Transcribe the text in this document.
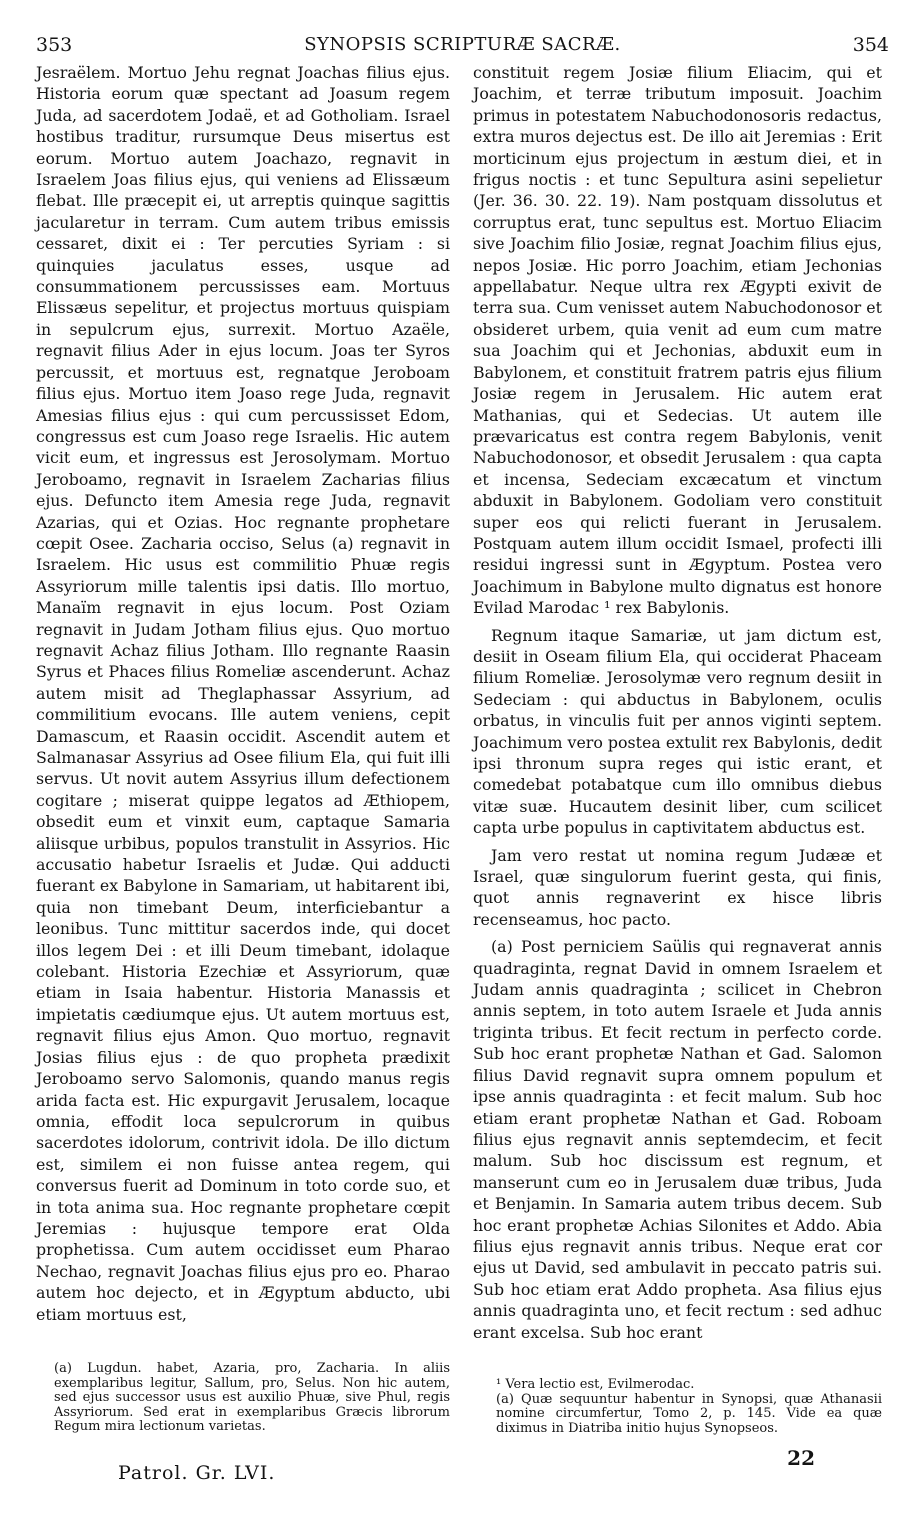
353	SYNOPSIS SCRIPTURÆ SACRÆ.	354

Jesraëlem. Mortuo Jehu regnat Joachas filius ejus. Historia eorum quæ spectant ad Joasum regem Juda, ad sacerdotem Jodaë, et ad Gotholiam. Israel hostibus traditur, rursumque Deus misertus est eorum. Mortuo autem Joachazo, regnavit in Israelem Joas filius ejus, qui veniens ad Elissæum flebat. Ille præcepit ei, ut arreptis quinque sagittis jacularetur in terram. Cum autem tribus emissis cessaret, dixit ei : Ter percuties Syriam : si quinquies jaculatus esses, usque ad consummationem percussisses eam. Mortuus Elissæus sepelitur, et projectus mortuus quispiam in sepulcrum ejus, surrexit. Mortuo Azaële, regnavit filius Ader in ejus locum. Joas ter Syros percussit, et mortuus est, regnatque Jeroboam filius ejus. Mortuo item Joaso rege Juda, regnavit Amesias filius ejus : qui cum percussisset Edom, congressus est cum Joaso rege Israelis. Hic autem vicit eum, et ingressus est Jerosolymam. Mortuo Jeroboamo, regnavit in Israelem Zacharias filius ejus. Defuncto item Amesia rege Juda, regnavit Azarias, qui et Ozias. Hoc regnante prophetare cœpit Osee. Zacharia occiso, Selus (a) regnavit in Israelem. Hic usus est commilitio Phuæ regis Assyriorum mille talentis ipsi datis. Illo mortuo, Manaïm regnavit in ejus locum. Post Oziam regnavit in Judam Jotham filius ejus. Quo mortuo regnavit Achaz filius Jotham. Illo regnante Raasin Syrus et Phaces filius Romeliæ ascenderunt. Achaz autem misit ad Theglaphassar Assyrium, ad commilitium evocans. Ille autem veniens, cepit Damascum, et Raasin occidit. Ascendit autem et Salmanasar Assyrius ad Osee filium Ela, qui fuit illi servus. Ut novit autem Assyrius illum defectionem cogitare ; miserat quippe legatos ad Æthiopem, obsedit eum et vinxit eum, captaque Samaria aliisque urbibus, populos transtulit in Assyrios. Hic accusatio habetur Israelis et Judæ. Qui adducti fuerant ex Babylone in Samariam, ut habitarent ibi, quia non timebant Deum, interficiebantur a leonibus. Tunc mittitur sacerdos inde, qui docet illos legem Dei : et illi Deum timebant, idolaque colebant. Historia Ezechiæ et Assyriorum, quæ etiam in Isaia habentur. Historia Manassis et impietatis cædiumque ejus. Ut autem mortuus est, regnavit filius ejus Amon. Quo mortuo, regnavit Josias filius ejus : de quo propheta prædixit Jeroboamo servo Salomonis, quando manus regis arida facta est. Hic expurgavit Jerusalem, locaque omnia, effodit loca sepulcrorum in quibus sacerdotes idolorum, contrivit idola. De illo dictum est, similem ei non fuisse antea regem, qui conversus fuerit ad Dominum in toto corde suo, et in tota anima sua. Hoc regnante prophetare cœpit Jeremias : hujusque tempore erat Olda prophetissa. Cum autem occidisset eum Pharao Nechao, regnavit Joachas filius ejus pro eo. Pharao autem hoc dejecto, et in Ægyptum abducto, ubi etiam mortuus est,

constituit regem Josiæ filium Eliacim, qui et Joachim, et terræ tributum imposuit. Joachim primus in potestatem Nabuchodonosoris redactus, extra muros dejectus est. De illo ait Jeremias : Erit morticinum ejus projectum in æstum diei, et in frigus noctis : et tunc Sepultura asini sepelietur (Jer. 36. 30. 22. 19). Nam postquam dissolutus et corruptus erat, tunc sepultus est. Mortuo Eliacim sive Joachim filio Josiæ, regnat Joachim filius ejus, nepos Josiæ. Hic porro Joachim, etiam Jechonias appellabatur. Neque ultra rex Ægypti exivit de terra sua. Cum venisset autem Nabuchodonosor et obsideret urbem, quia venit ad eum cum matre sua Joachim qui et Jechonias, abduxit eum in Babylonem, et constituit fratrem patris ejus filium Josiæ regem in Jerusalem. Hic autem erat Mathanias, qui et Sedecias. Ut autem ille prævaricatus est contra regem Babylonis, venit Nabuchodonosor, et obsedit Jerusalem : qua capta et incensa, Sedeciam excæcatum et vinctum abduxit in Babylonem. Godoliam vero constituit super eos qui relicti fuerant in Jerusalem. Postquam autem illum occidit Ismael, profecti illi residui ingressi sunt in Ægyptum. Postea vero Joachimum in Babylone multo dignatus est honore Evilad Marodac ¹ rex Babylonis.

Regnum itaque Samariæ, ut jam dictum est, desiit in Oseam filium Ela, qui occiderat Phaceam filium Romeliæ. Jerosolymæ vero regnum desiit in Sedeciam : qui abductus in Babylonem, oculis orbatus, in vinculis fuit per annos viginti septem. Joachimum vero postea extulit rex Babylonis, dedit ipsi thronum supra reges qui istic erant, et comedebat potabatque cum illo omnibus diebus vitæ suæ. Hucautem desinit liber, cum scilicet capta urbe populus in captivitatem abductus est.

Jam vero restat ut nomina regum Judææ et Israel, quæ singulorum fuerint gesta, qui finis, quot annis regnaverint ex hisce libris recenseamus, hoc pacto.

(a) Post perniciem Saülis qui regnaverat annis quadraginta, regnat David in omnem Israelem et Judam annis quadraginta ; scilicet in Chebron annis septem, in toto autem Israele et Juda annis triginta tribus. Et fecit rectum in perfecto corde. Sub hoc erant prophetæ Nathan et Gad. Salomon filius David regnavit supra omnem populum et ipse annis quadraginta : et fecit malum. Sub hoc etiam erant prophetæ Nathan et Gad. Roboam filius ejus regnavit annis septemdecim, et fecit malum. Sub hoc discissum est regnum, et manserunt cum eo in Jerusalem duæ tribus, Juda et Benjamin. In Samaria autem tribus decem. Sub hoc erant prophetæ Achias Silonites et Addo. Abia filius ejus regnavit annis tribus. Neque erat cor ejus ut David, sed ambulavit in peccato patris sui. Sub hoc etiam erat Addo propheta. Asa filius ejus annis quadraginta uno, et fecit rectum : sed adhuc erant excelsa. Sub hoc erant

(a) Lugdun. habet, Azaria, pro, Zacharia. In aliis exemplaribus legitur, Sallum, pro, Selus. Non hic autem, sed ejus successor usus est auxilio Phuæ, sive Phul, regis Assyriorum. Sed erat in exemplaribus Græcis librorum Regum mira lectionum varietas.

¹ Vera lectio est, Evilmerodac.

(a) Quæ sequuntur habentur in Synopsi, quæ Athanasii nomine circumfertur, Tomo 2, p. 145. Vide ea quæ diximus in Diatriba initio hujus Synopseos.

Patrol. Gr. LVI.
22
